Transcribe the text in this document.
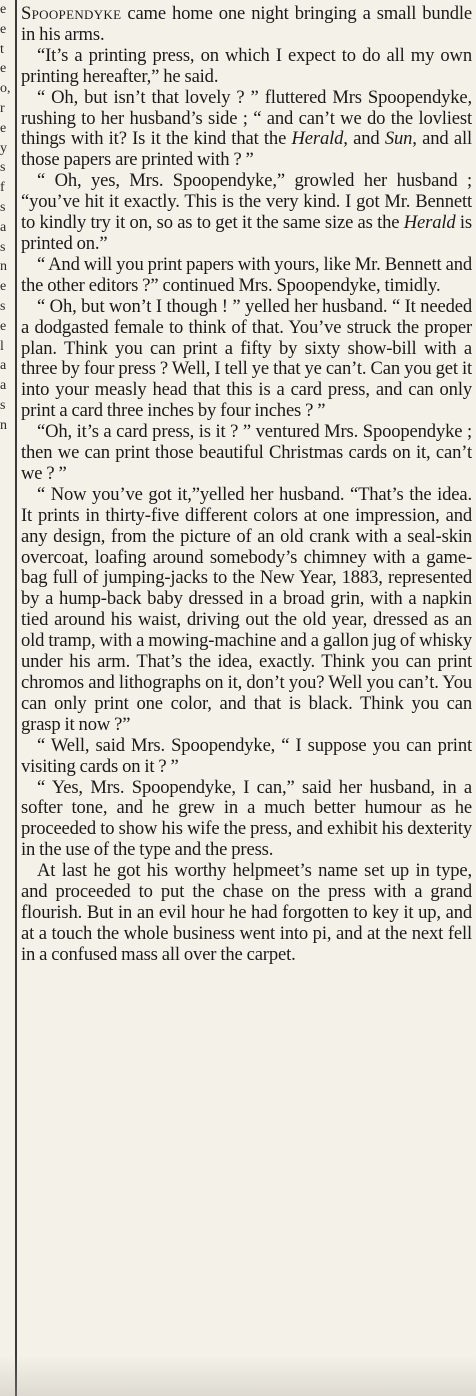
e
e
t
e
o,
r
e
y
s
f
s
a
s
n
e
s
e
l
a
a
s
n

Spoopendyke came home one night bringing a small bundle in his arms.

“It’s a printing press, on which I expect to do all my own printing hereafter,” he said.

“ Oh, but isn’t that lovely ? ” fluttered Mrs Spoopendyke, rushing to her husband’s side ; “ and can’t we do the lovliest things with it? Is it the kind that the Herald, and Sun, and all those papers are printed with ? ”

“ Oh, yes, Mrs. Spoopendyke,” growled her husband ; “you’ve hit it exactly. This is the very kind. I got Mr. Bennett to kindly try it on, so as to get it the same size as the Herald is printed on.”

“ And will you print papers with yours, like Mr. Bennett and the other editors ?” continued Mrs. Spoopendyke, timidly.

“ Oh, but won’t I though ! ” yelled her husband. “ It needed a dodgasted female to think of that. You’ve struck the proper plan. Think you can print a fifty by sixty show-bill with a three by four press ? Well, I tell ye that ye can’t. Can you get it into your measly head that this is a card press, and can only print a card three inches by four inches ? ”

“Oh, it’s a card press, is it ? ” ventured Mrs. Spoopendyke ; then we can print those beautiful Christmas cards on it, can’t we ? ”

“ Now you’ve got it,”yelled her husband. “That’s the idea. It prints in thirty-five different colors at one impression, and any design, from the picture of an old crank with a seal-skin overcoat, loafing around somebody’s chimney with a game-bag full of jumping-jacks to the New Year, 1883, represented by a hump-back baby dressed in a broad grin, with a napkin tied around his waist, driving out the old year, dressed as an old tramp, with a mowing-machine and a gallon jug of whisky under his arm. That’s the idea, exactly. Think you can print chromos and lithographs on it, don’t you? Well you can’t. You can only print one color, and that is black. Think you can grasp it now ?”

“ Well, said Mrs. Spoopendyke, “ I suppose you can print visiting cards on it ? ”

“ Yes, Mrs. Spoopendyke, I can,” said her husband, in a softer tone, and he grew in a much better humour as he proceeded to show his wife the press, and exhibit his dexterity in the use of the type and the press.

At last he got his worthy helpmeet’s name set up in type, and proceeded to put the chase on the press with a grand flourish. But in an evil hour he had forgotten to key it up, and at a touch the whole business went into pi, and at the next fell in a confused mass all over the carpet.
